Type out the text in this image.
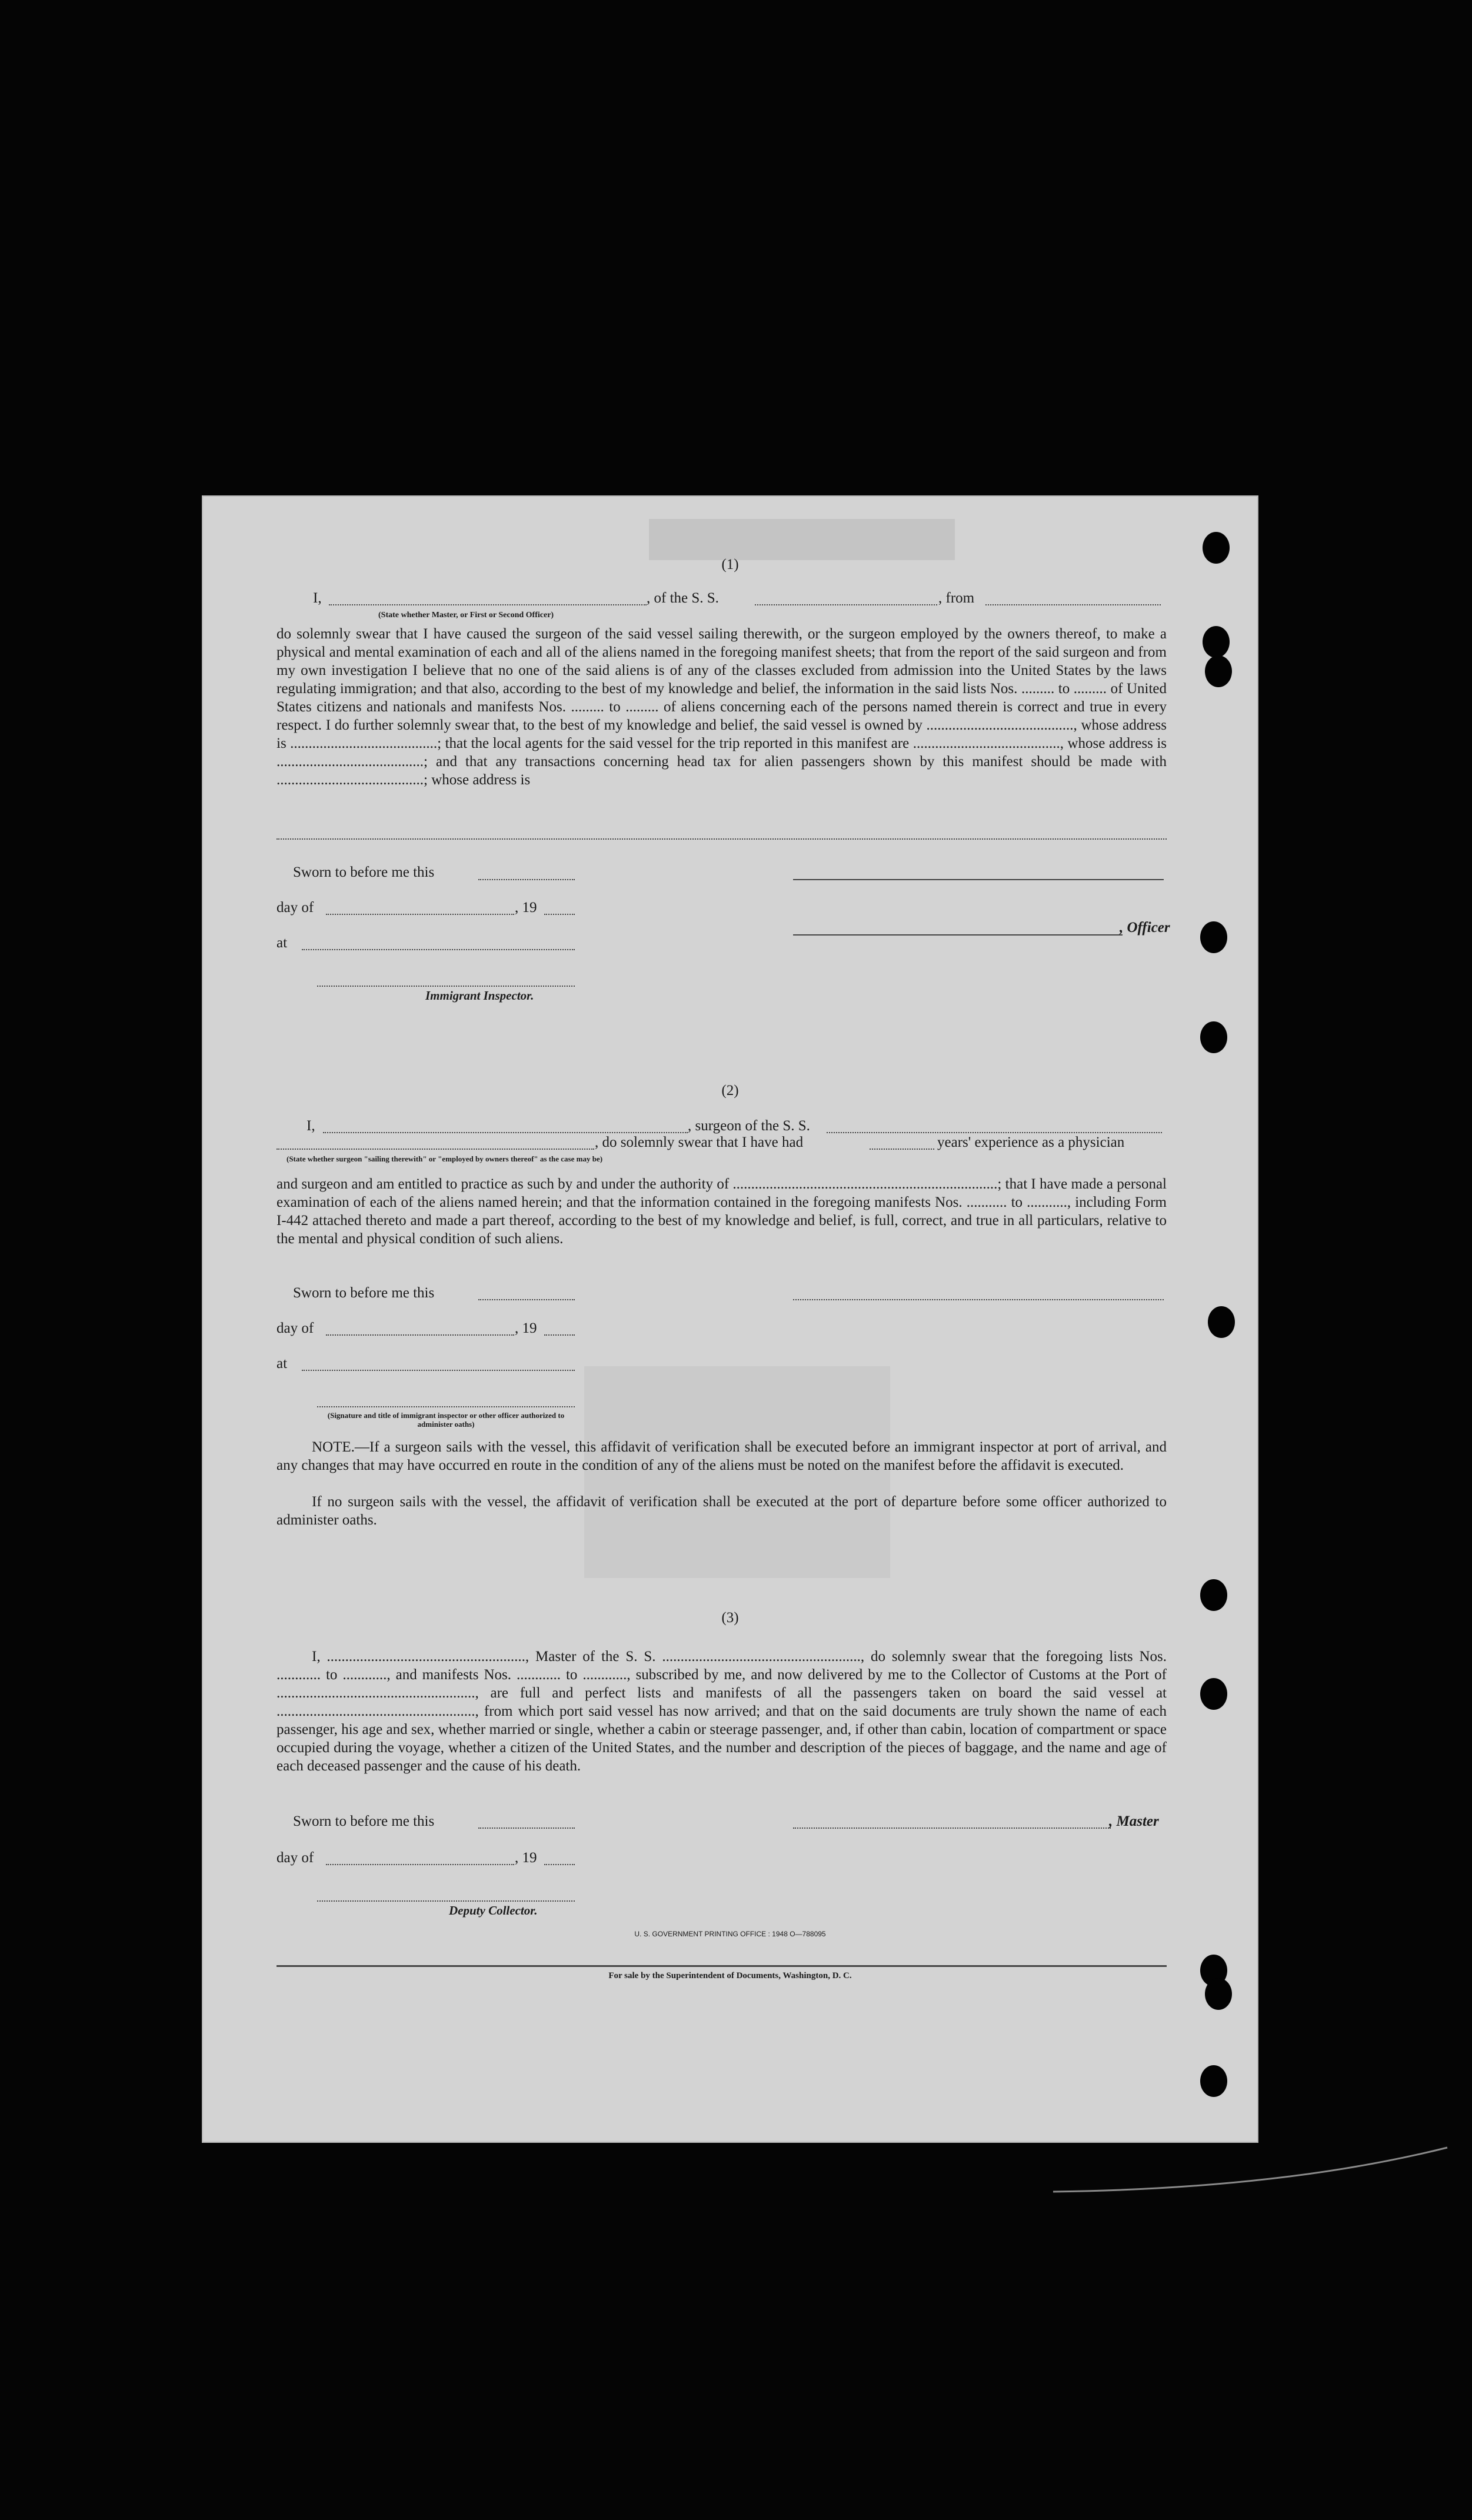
(1)
I,	, of the S. S.	, from
(State whether Master, or First or Second Officer)
do solemnly swear that I have caused the surgeon of the said vessel sailing therewith, or the surgeon employed by the owners thereof, to make a physical and mental examination of each and all of the aliens named in the foregoing manifest sheets; that from the report of the said surgeon and from my own investigation I believe that no one of the said aliens is of any of the classes excluded from admission into the United States by the laws regulating immigration; and that also, according to the best of my knowledge and belief, the information in the said lists Nos. ......... to ......... of United States citizens and nationals and manifests Nos. ......... to ......... of aliens concerning each of the persons named therein is correct and true in every respect. I do further solemnly swear that, to the best of my knowledge and belief, the said vessel is owned by ........................................, whose address is ........................................; that the local agents for the said vessel for the trip reported in this manifest are ........................................, whose address is ........................................; and that any transactions concerning head tax for alien passengers shown by this manifest should be made with ........................................; whose address is
Sworn to before me this
day of	, 19
, Officer
at
Immigrant Inspector.
(2)
I,	, surgeon of the S. S.
, do solemnly swear that I have had	years' experience as a physician
(State whether surgeon "sailing therewith" or "employed by owners thereof" as the case may be)
and surgeon and am entitled to practice as such by and under the authority of ........................................................................; that I have made a personal examination of each of the aliens named herein; and that the information contained in the foregoing manifests Nos. ........... to ..........., including Form I-442 attached thereto and made a part thereof, according to the best of my knowledge and belief, is full, correct, and true in all particulars, relative to the mental and physical condition of such aliens.
Sworn to before me this
day of	, 19
at
(Signature and title of immigrant inspector or other officer authorized to administer oaths)
NOTE.—If a surgeon sails with the vessel, this affidavit of verification shall be executed before an immigrant inspector at port of arrival, and any changes that may have occurred en route in the condition of any of the aliens must be noted on the manifest before the affidavit is executed.
If no surgeon sails with the vessel, the affidavit of verification shall be executed at the port of departure before some officer authorized to administer oaths.
(3)
I, ......................................................, Master of the S. S. ......................................................, do solemnly swear that the foregoing lists Nos. ............ to ............, and manifests Nos. ............ to ............, subscribed by me, and now delivered by me to the Collector of Customs at the Port of ......................................................, are full and perfect lists and manifests of all the passengers taken on board the said vessel at ......................................................, from which port said vessel has now arrived; and that on the said documents are truly shown the name of each passenger, his age and sex, whether married or single, whether a cabin or steerage passenger, and, if other than cabin, location of compartment or space occupied during the voyage, whether a citizen of the United States, and the number and description of the pieces of baggage, and the name and age of each deceased passenger and the cause of his death.
Sworn to before me this	, Master
day of	, 19
Deputy Collector.
U. S. GOVERNMENT PRINTING OFFICE : 1948 O—788095
For sale by the Superintendent of Documents, Washington, D. C.
